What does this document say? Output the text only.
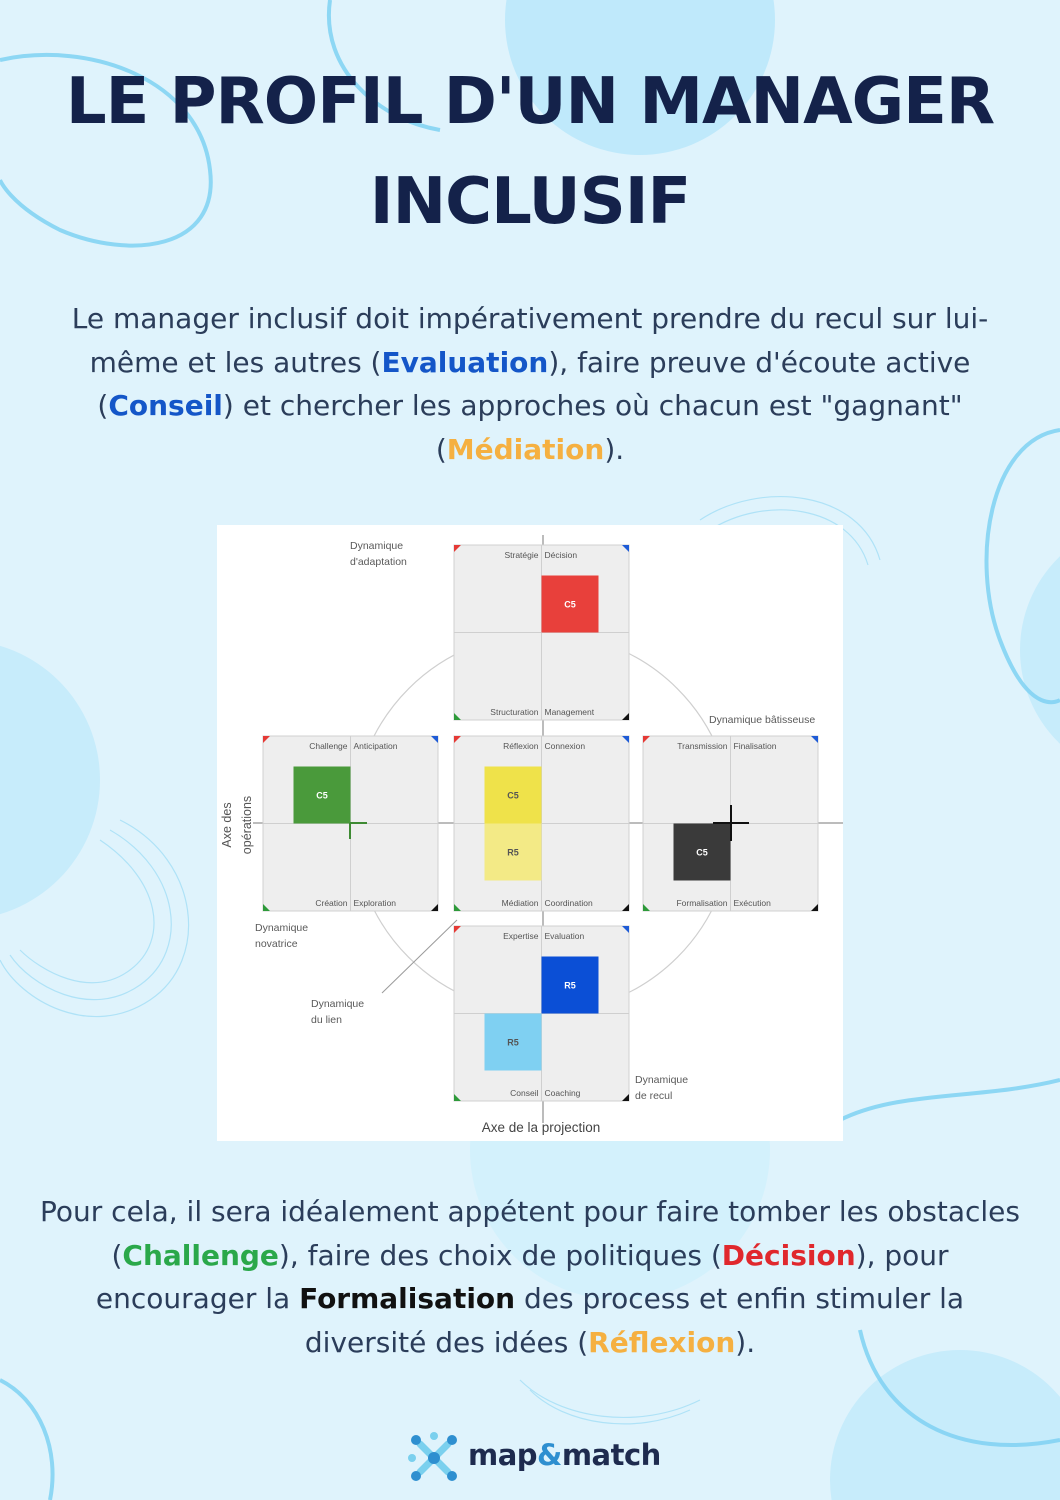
LE PROFIL D'UN MANAGER
INCLUSIF

Le manager inclusif doit impérativement prendre du recul sur lui-même et les autres (Evaluation), faire preuve d'écoute active (Conseil) et chercher les approches où chacun est "gagnant" (Médiation).

C5
Stratégie Décision
Structuration Management
C5
Challenge Anticipation
Création Exploration
C5
R5
Réflexion Connexion
Médiation Coordination
C5
Transmission Finalisation
Formalisation Exécution
R5
R5
Expertise Evaluation
Conseil Coaching
Dynamique
d'adaptation
Dynamique bâtisseuse
Dynamique
novatrice
Dynamique
du lien
Dynamique
de recul
Axe des opérations
Axe de la projection

Pour cela, il sera idéalement appétent pour faire tomber les obstacles (Challenge), faire des choix de politiques (Décision), pour encourager la Formalisation des process et enfin stimuler la diversité des idées (Réflexion).

map&match
